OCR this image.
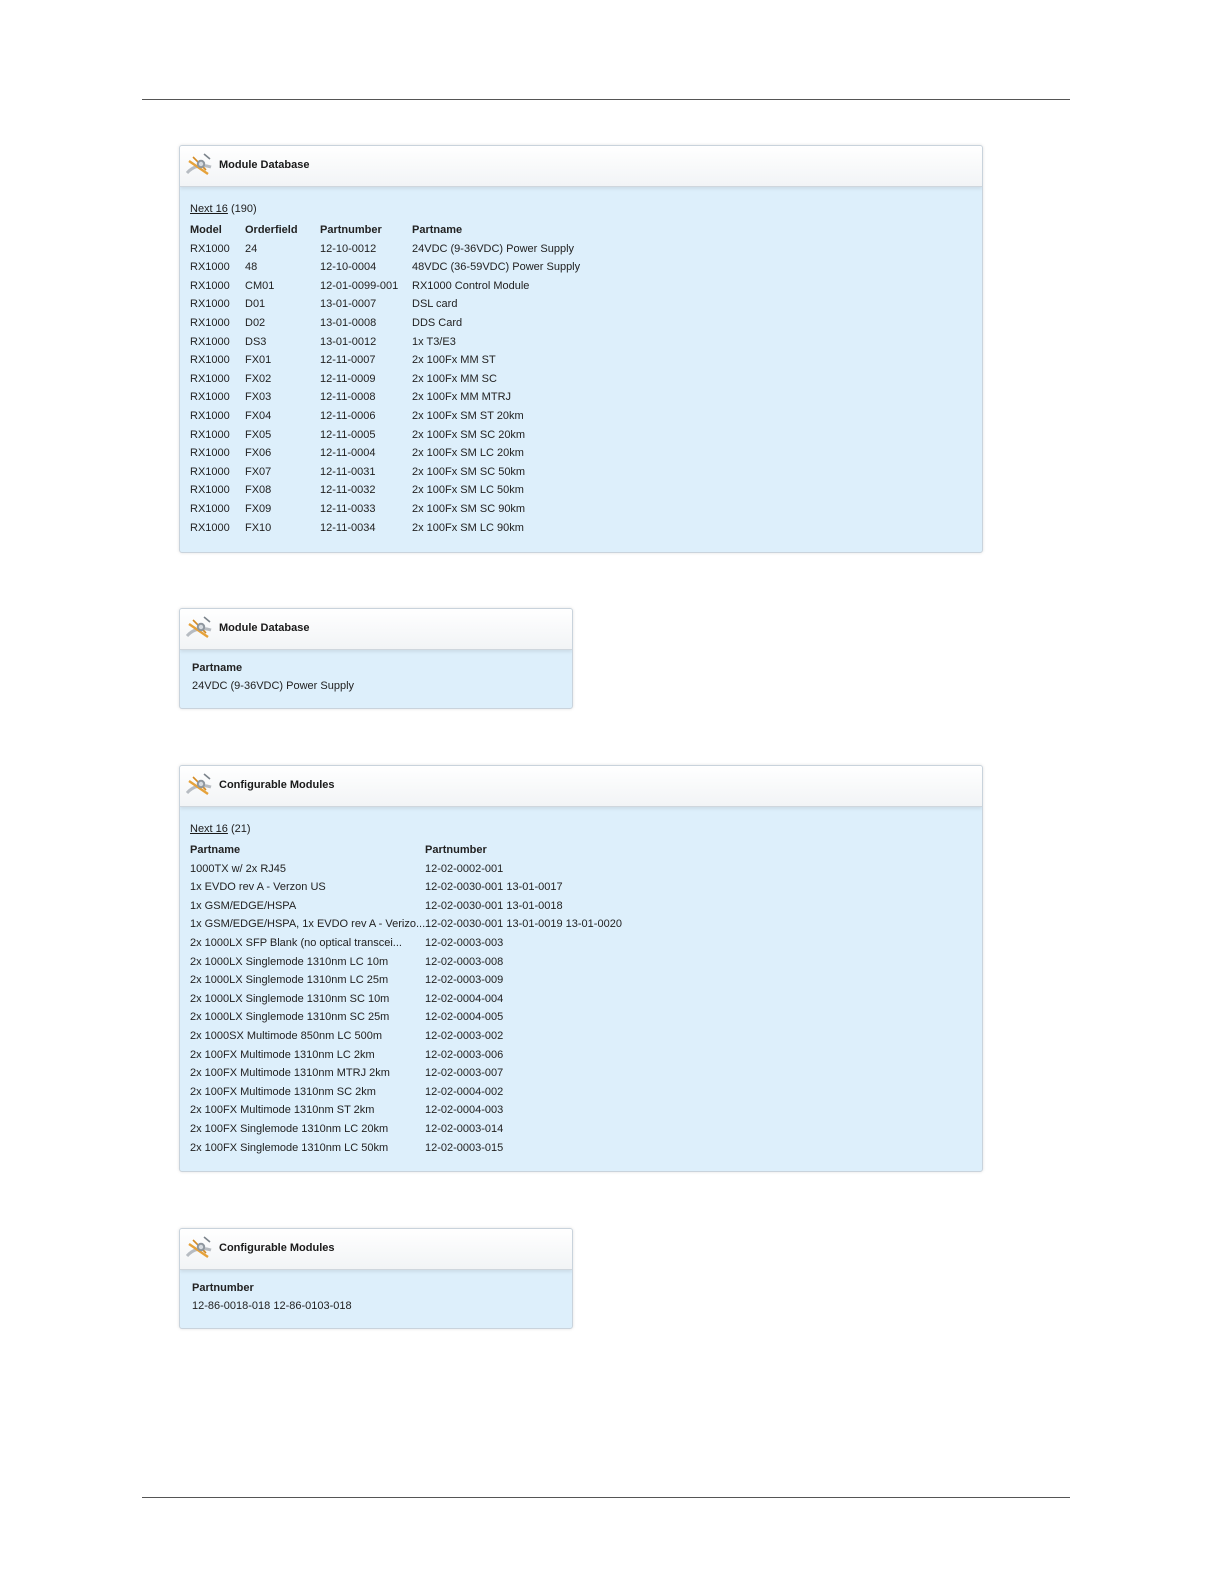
Module Database
Next 16 (190)
Model Orderfield Partnumber	Partname
RX1000 24	12-10-0012	24VDC (9-36VDC) Power Supply
RX1000 48	12-10-0004	48VDC (36-59VDC) Power Supply
RX1000 CM01	12-01-0099-001 RX1000 Control Module
RX1000 D01	13-01-0007	DSL card
RX1000 D02	13-01-0008	DDS Card
RX1000 DS3	13-01-0012	1x T3/E3
RX1000 FX01	12-11-0007	2x 100Fx MM ST
RX1000 FX02	12-11-0009	2x 100Fx MM SC
RX1000 FX03	12-11-0008	2x 100Fx MM MTRJ
RX1000 FX04	12-11-0006	2x 100Fx SM ST 20km
RX1000 FX05	12-11-0005	2x 100Fx SM SC 20km
RX1000 FX06	12-11-0004	2x 100Fx SM LC 20km
RX1000 FX07	12-11-0031	2x 100Fx SM SC 50km
RX1000 FX08	12-11-0032	2x 100Fx SM LC 50km
RX1000 FX09	12-11-0033	2x 100Fx SM SC 90km
RX1000 FX10	12-11-0034	2x 100Fx SM LC 90km
Module Database
Partname
24VDC (9-36VDC) Power Supply
Configurable Modules
Next 16 (21)
Partname	Partnumber
1000TX w/ 2x RJ45	12-02-0002-001
1x EVDO rev A - Verzon US	12-02-0030-001 13-01-0017
1x GSM/EDGE/HSPA	12-02-0030-001 13-01-0018
1x GSM/EDGE/HSPA, 1x EVDO rev A - Verizo... 12-02-0030-001 13-01-0019 13-01-0020
2x 1000LX SFP Blank (no optical transcei... 12-02-0003-003
2x 1000LX Singlemode 1310nm LC 10m	12-02-0003-008
2x 1000LX Singlemode 1310nm LC 25m	12-02-0003-009
2x 1000LX Singlemode 1310nm SC 10m	12-02-0004-004
2x 1000LX Singlemode 1310nm SC 25m	12-02-0004-005
2x 1000SX Multimode 850nm LC 500m	12-02-0003-002
2x 100FX Multimode 1310nm LC 2km	12-02-0003-006
2x 100FX Multimode 1310nm MTRJ 2km	12-02-0003-007
2x 100FX Multimode 1310nm SC 2km	12-02-0004-002
2x 100FX Multimode 1310nm ST 2km	12-02-0004-003
2x 100FX Singlemode 1310nm LC 20km	12-02-0003-014
2x 100FX Singlemode 1310nm LC 50km	12-02-0003-015
Configurable Modules
Partnumber
12-86-0018-018 12-86-0103-018
